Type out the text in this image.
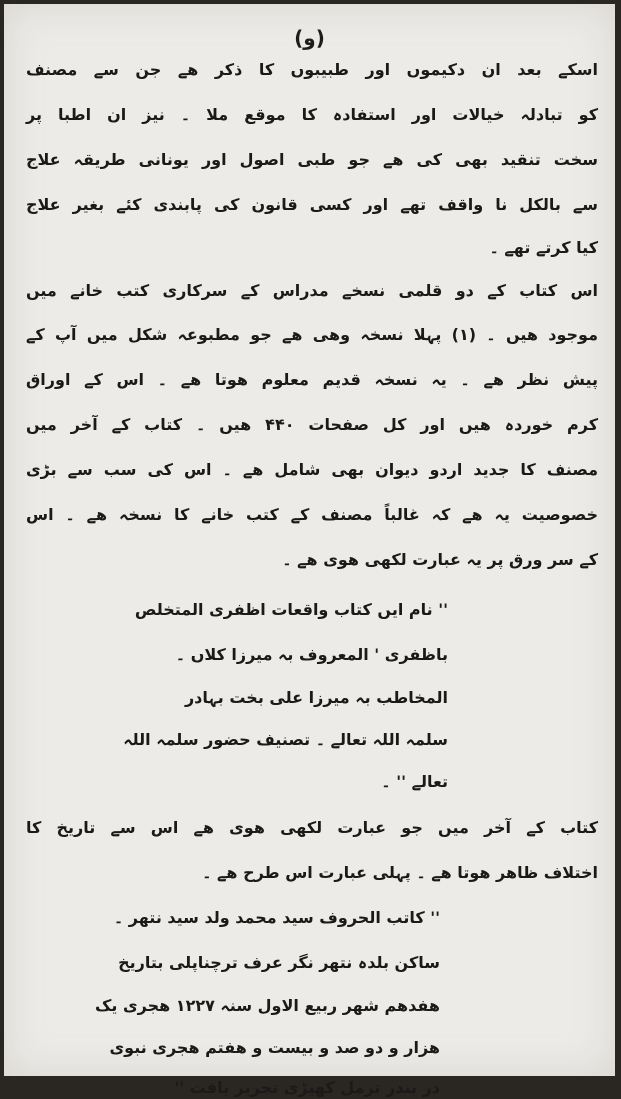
(و)
اسکے بعد ان دکیموں اور طبیبوں کا ذکر ھے جن سے مصنف
کو تبادلہ خیالات اور استفادہ کا موقع ملا ۔ نیز ان اطبا پر
سخت تنقید بھی کی ھے جو طبی اصول اور یونانی طریقہ علاج
سے بالکل نا واقف تھے اور کسی قانون کی پابندی کئے بغیر علاج
کیا کرتے تھے ۔
اس کتاب کے دو قلمی نسخے مدراس کے سرکاری کتب خانے میں
موجود ھیں ۔ (۱) پہلا نسخہ وھی ھے جو مطبوعہ شکل میں آپ کے
پیش نظر ھے ۔ یہ نسخہ قدیم معلوم ھوتا ھے ۔ اس کے اوراق
کرم خوردہ ھیں اور کل صفحات ۴۴۰ ھیں ۔ کتاب کے آخر میں
مصنف کا جدید اردو دیوان بھی شامل ھے ۔ اس کی سب سے بڑی
خصوصیت یہ ھے کہ غالباً مصنف کے کتب خانے کا نسخہ ھے ۔ اس
کے سر ورق پر یہ عبارت لکھی ھوی ھے ۔
'' نام ایں کتاب واقعات اظفری المتخلص
باظفری ' المعروف بہ میرزا کلاں ۔
المخاطب بہ میرزا علی بخت بہادر
سلمہ اللہ تعالے ۔ تصنیف حضور سلمہ اللہ
تعالے '' ۔
کتاب کے آخر میں جو عبارت لکھی ھوی ھے اس سے تاریخ کا
اختلاف ظاھر ھوتا ھے ۔ پہلی عبارت اس طرح ھے ۔
'' کاتب الحروف سید محمد ولد سید نتھر ۔
ساکن بلدہ نتھر نگر عرف ترچناپلی بتاریخ
هفدهم شهر ربیع الاول سنہ ۱۲۲۷ ھجری یک
ھزار و دو صد و بیست و ھفتم ھجری نبوی
در بندر ترمل کھیڑی تحریر یافت ''
